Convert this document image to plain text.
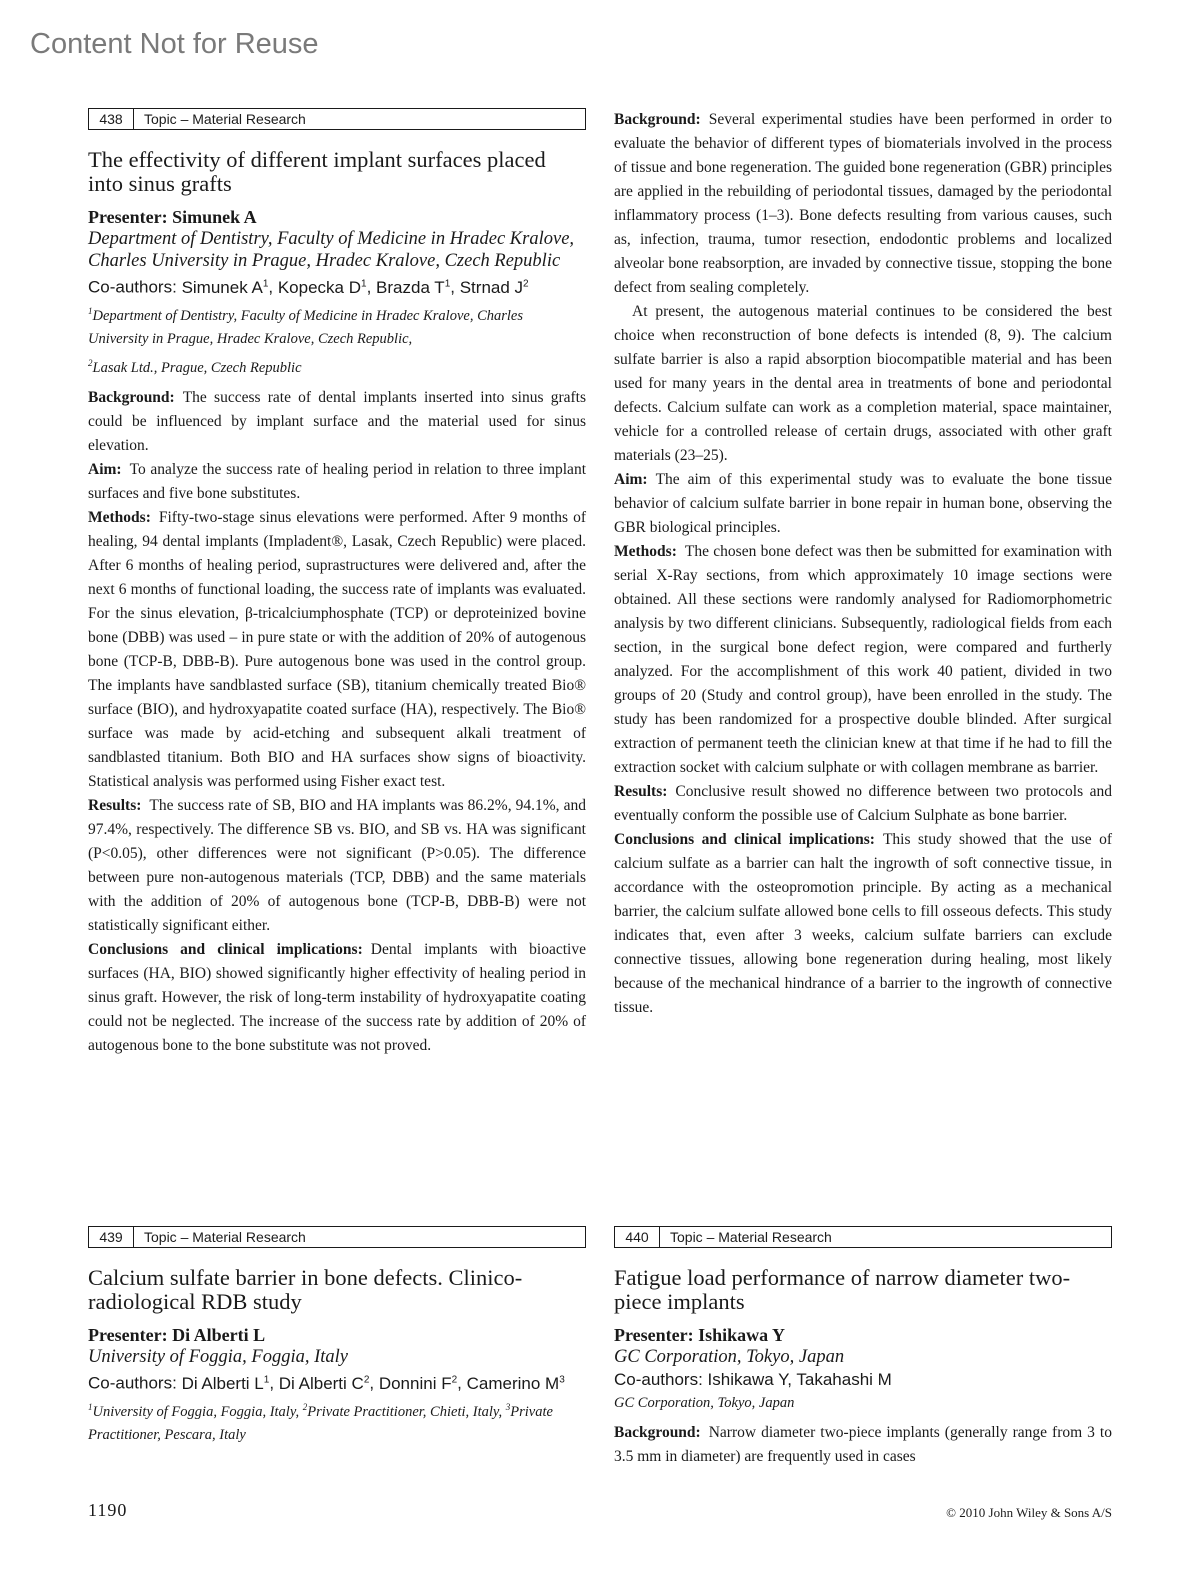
Content Not for Reuse
438	Topic – Material Research
The effectivity of different implant surfaces placed into sinus grafts
Presenter: Simunek A
Department of Dentistry, Faculty of Medicine in Hradec Kralove, Charles University in Prague, Hradec Kralove, Czech Republic
Co-authors: Simunek $A^1$, Kopecka $D^1$, Brazda $T^1$, Strnad $J^2$
$^1$Department of Dentistry, Faculty of Medicine in Hradec Kralove, Charles University in Prague, Hradec Kralove, Czech Republic,
$^2$Lasak Ltd., Prague, Czech Republic

Background: The success rate of dental implants inserted into sinus grafts could be influenced by implant surface and the material used for sinus elevation.

Aim: To analyze the success rate of healing period in relation to three implant surfaces and five bone substitutes.

Methods: Fifty-two-stage sinus elevations were performed. After 9 months of healing, 94 dental implants (Impladent®, Lasak, Czech Republic) were placed. After 6 months of healing period, suprastructures were delivered and, after the next 6 months of functional loading, the success rate of implants was evaluated. For the sinus elevation, β-tricalciumphosphate (TCP) or deproteinized bovine bone (DBB) was used – in pure state or with the addition of 20% of autogenous bone (TCP-B, DBB-B). Pure autogenous bone was used in the control group. The implants have sandblasted surface (SB), titanium chemically treated Bio® surface (BIO), and hydroxyapatite coated surface (HA), respectively. The Bio® surface was made by acid-etching and subsequent alkali treatment of sandblasted titanium. Both BIO and HA surfaces show signs of bioactivity. Statistical analysis was performed using Fisher exact test.

Results: The success rate of SB, BIO and HA implants was 86.2%, 94.1%, and 97.4%, respectively. The difference SB vs. BIO, and SB vs. HA was significant (P<0.05), other differences were not significant (P>0.05). The difference between pure non-autogenous materials (TCP, DBB) and the same materials with the addition of 20% of autogenous bone (TCP-B, DBB-B) were not statistically significant either.

Conclusions and clinical implications: Dental implants with bioactive surfaces (HA, BIO) showed significantly higher effectivity of healing period in sinus graft. However, the risk of long-term instability of hydroxyapatite coating could not be neglected. The increase of the success rate by addition of 20% of autogenous bone to the bone substitute was not proved.

Background: Several experimental studies have been performed in order to evaluate the behavior of different types of biomaterials involved in the process of tissue and bone regeneration. The guided bone regeneration (GBR) principles are applied in the rebuilding of periodontal tissues, damaged by the periodontal inflammatory process (1–3). Bone defects resulting from various causes, such as, infection, trauma, tumor resection, endodontic problems and localized alveolar bone reabsorption, are invaded by connective tissue, stopping the bone defect from sealing completely.

At present, the autogenous material continues to be considered the best choice when reconstruction of bone defects is intended (8, 9). The calcium sulfate barrier is also a rapid absorption biocompatible material and has been used for many years in the dental area in treatments of bone and periodontal defects. Calcium sulfate can work as a completion material, space maintainer, vehicle for a controlled release of certain drugs, associated with other graft materials (23–25).

Aim: The aim of this experimental study was to evaluate the bone tissue behavior of calcium sulfate barrier in bone repair in human bone, observing the GBR biological principles.

Methods: The chosen bone defect was then be submitted for examination with serial X-Ray sections, from which approximately 10 image sections were obtained. All these sections were randomly analysed for Radiomorphometric analysis by two different clinicians. Subsequently, radiological fields from each section, in the surgical bone defect region, were compared and furtherly analyzed. For the accomplishment of this work 40 patient, divided in two groups of 20 (Study and control group), have been enrolled in the study. The study has been randomized for a prospective double blinded. After surgical extraction of permanent teeth the clinician knew at that time if he had to fill the extraction socket with calcium sulphate or with collagen membrane as barrier.

Results: Conclusive result showed no difference between two protocols and eventually conform the possible use of Calcium Sulphate as bone barrier.

Conclusions and clinical implications: This study showed that the use of calcium sulfate as a barrier can halt the ingrowth of soft connective tissue, in accordance with the osteopromotion principle. By acting as a mechanical barrier, the calcium sulfate allowed bone cells to fill osseous defects. This study indicates that, even after 3 weeks, calcium sulfate barriers can exclude connective tissues, allowing bone regeneration during healing, most likely because of the mechanical hindrance of a barrier to the ingrowth of connective tissue.

439	Topic – Material Research
Calcium sulfate barrier in bone defects. Clinico-radiological RDB study
Presenter: Di Alberti L
University of Foggia, Foggia, Italy
Co-authors: Di Alberti $L^1$, Di Alberti $C^2$, Donnini $F^2$, Camerino $M^3$
$^1$University of Foggia, Foggia, Italy, $^2$Private Practitioner, Chieti, Italy, $^3$Private Practitioner, Pescara, Italy
440	Topic – Material Research
Fatigue load performance of narrow diameter two-piece implants
Presenter: Ishikawa Y
GC Corporation, Tokyo, Japan
Co-authors: Ishikawa Y, Takahashi M
GC Corporation, Tokyo, Japan

Background: Narrow diameter two-piece implants (generally range from 3 to 3.5 mm in diameter) are frequently used in cases

1190	© 2010 John Wiley & Sons A/S
